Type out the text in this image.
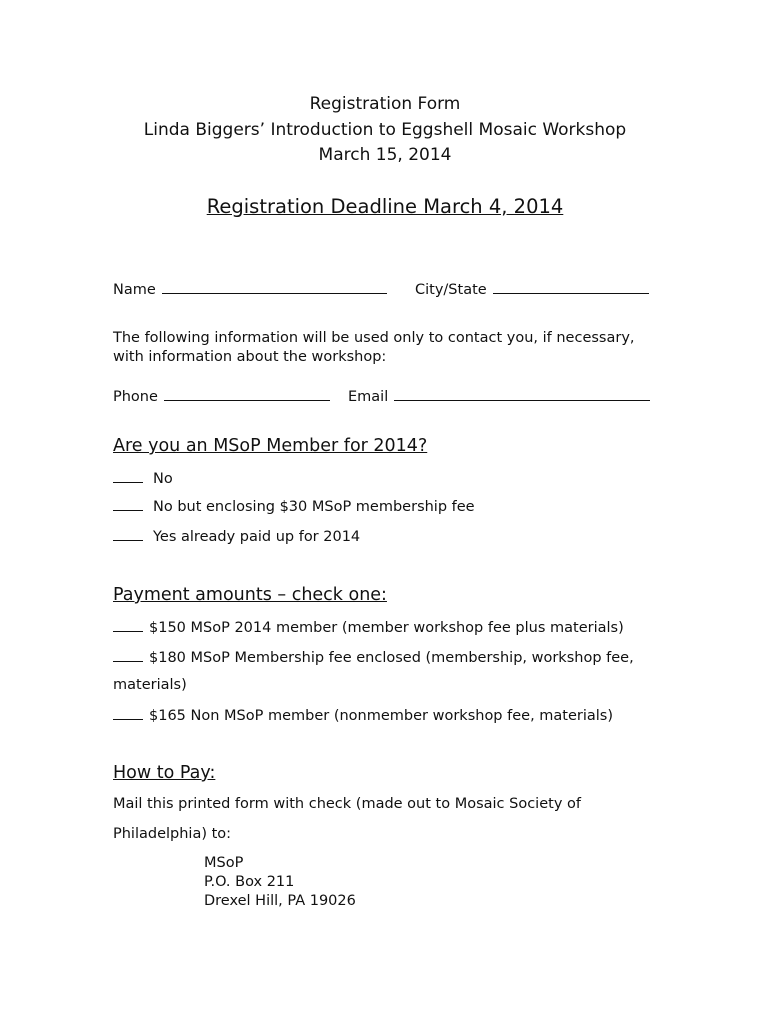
Registration Form
Linda Biggers’ Introduction to Eggshell Mosaic Workshop
March 15, 2014
Registration Deadline March 4, 2014
Name	City/State
The following information will be used only to contact you, if necessary,
with information about the workshop:
Phone	Email
Are you an MSoP Member for 2014?
No
No but enclosing $30 MSoP membership fee
Yes already paid up for 2014
Payment amounts – check one:
$150 MSoP 2014 member (member workshop fee plus materials)
$180 MSoP Membership fee enclosed (membership, workshop fee,
materials)
$165 Non MSoP member (nonmember workshop fee, materials)
How to Pay:
Mail this printed form with check (made out to Mosaic Society of
Philadelphia) to:
MSoP
P.O. Box 211
Drexel Hill, PA 19026
